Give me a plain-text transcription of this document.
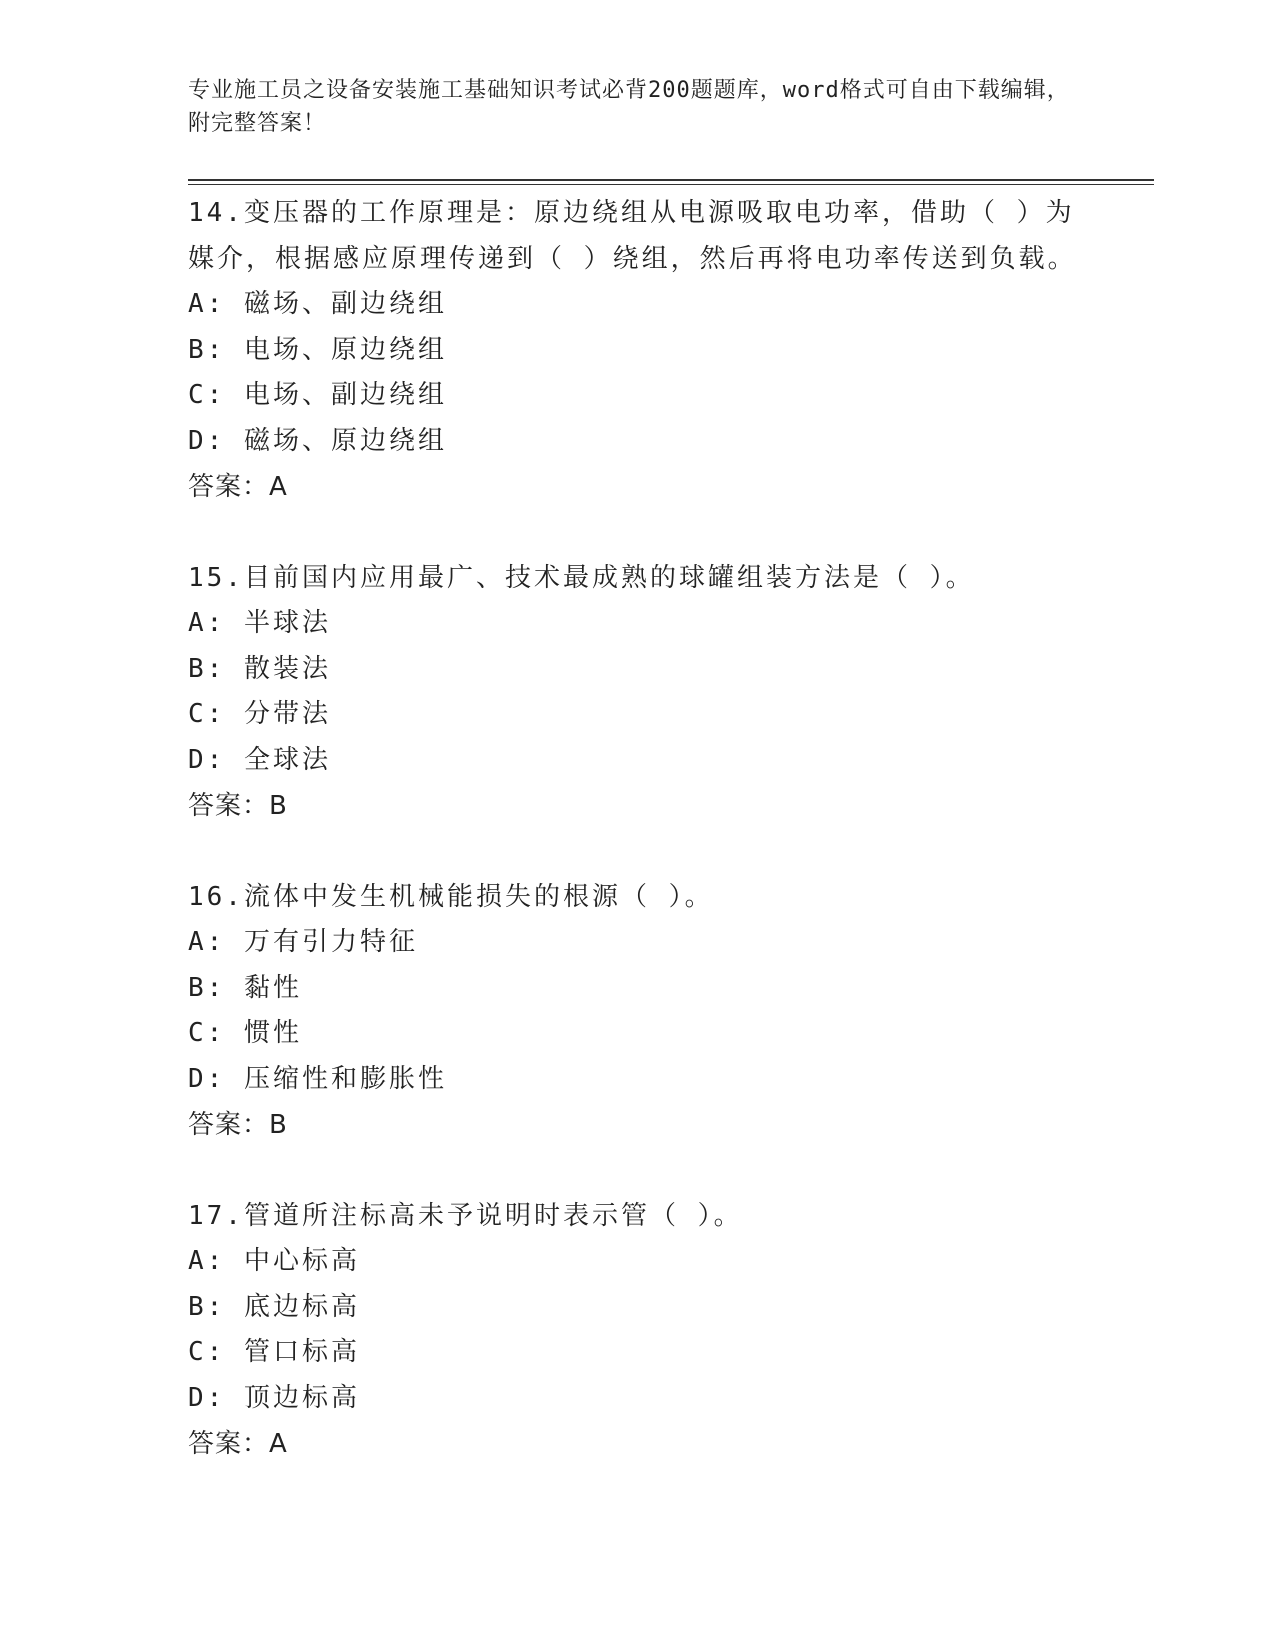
专业施工员之设备安装施工基础知识考试必背200题题库，word格式可自由下载编辑，附完整答案！
14.变压器的工作原理是：原边绕组从电源吸取电功率，借助（ ）为媒介，根据感应原理传递到（ ）绕组，然后再将电功率传送到负载。
A: 磁场、副边绕组
B: 电场、原边绕组
C: 电场、副边绕组
D: 磁场、原边绕组
答案：A
15.目前国内应用最广、技术最成熟的球罐组装方法是（ ）。
A: 半球法
B: 散装法
C: 分带法
D: 全球法
答案：B
16.流体中发生机械能损失的根源（ ）。
A: 万有引力特征
B: 黏性
C: 惯性
D: 压缩性和膨胀性
答案：B
17.管道所注标高未予说明时表示管（ ）。
A: 中心标高
B: 底边标高
C: 管口标高
D: 顶边标高
答案：A
